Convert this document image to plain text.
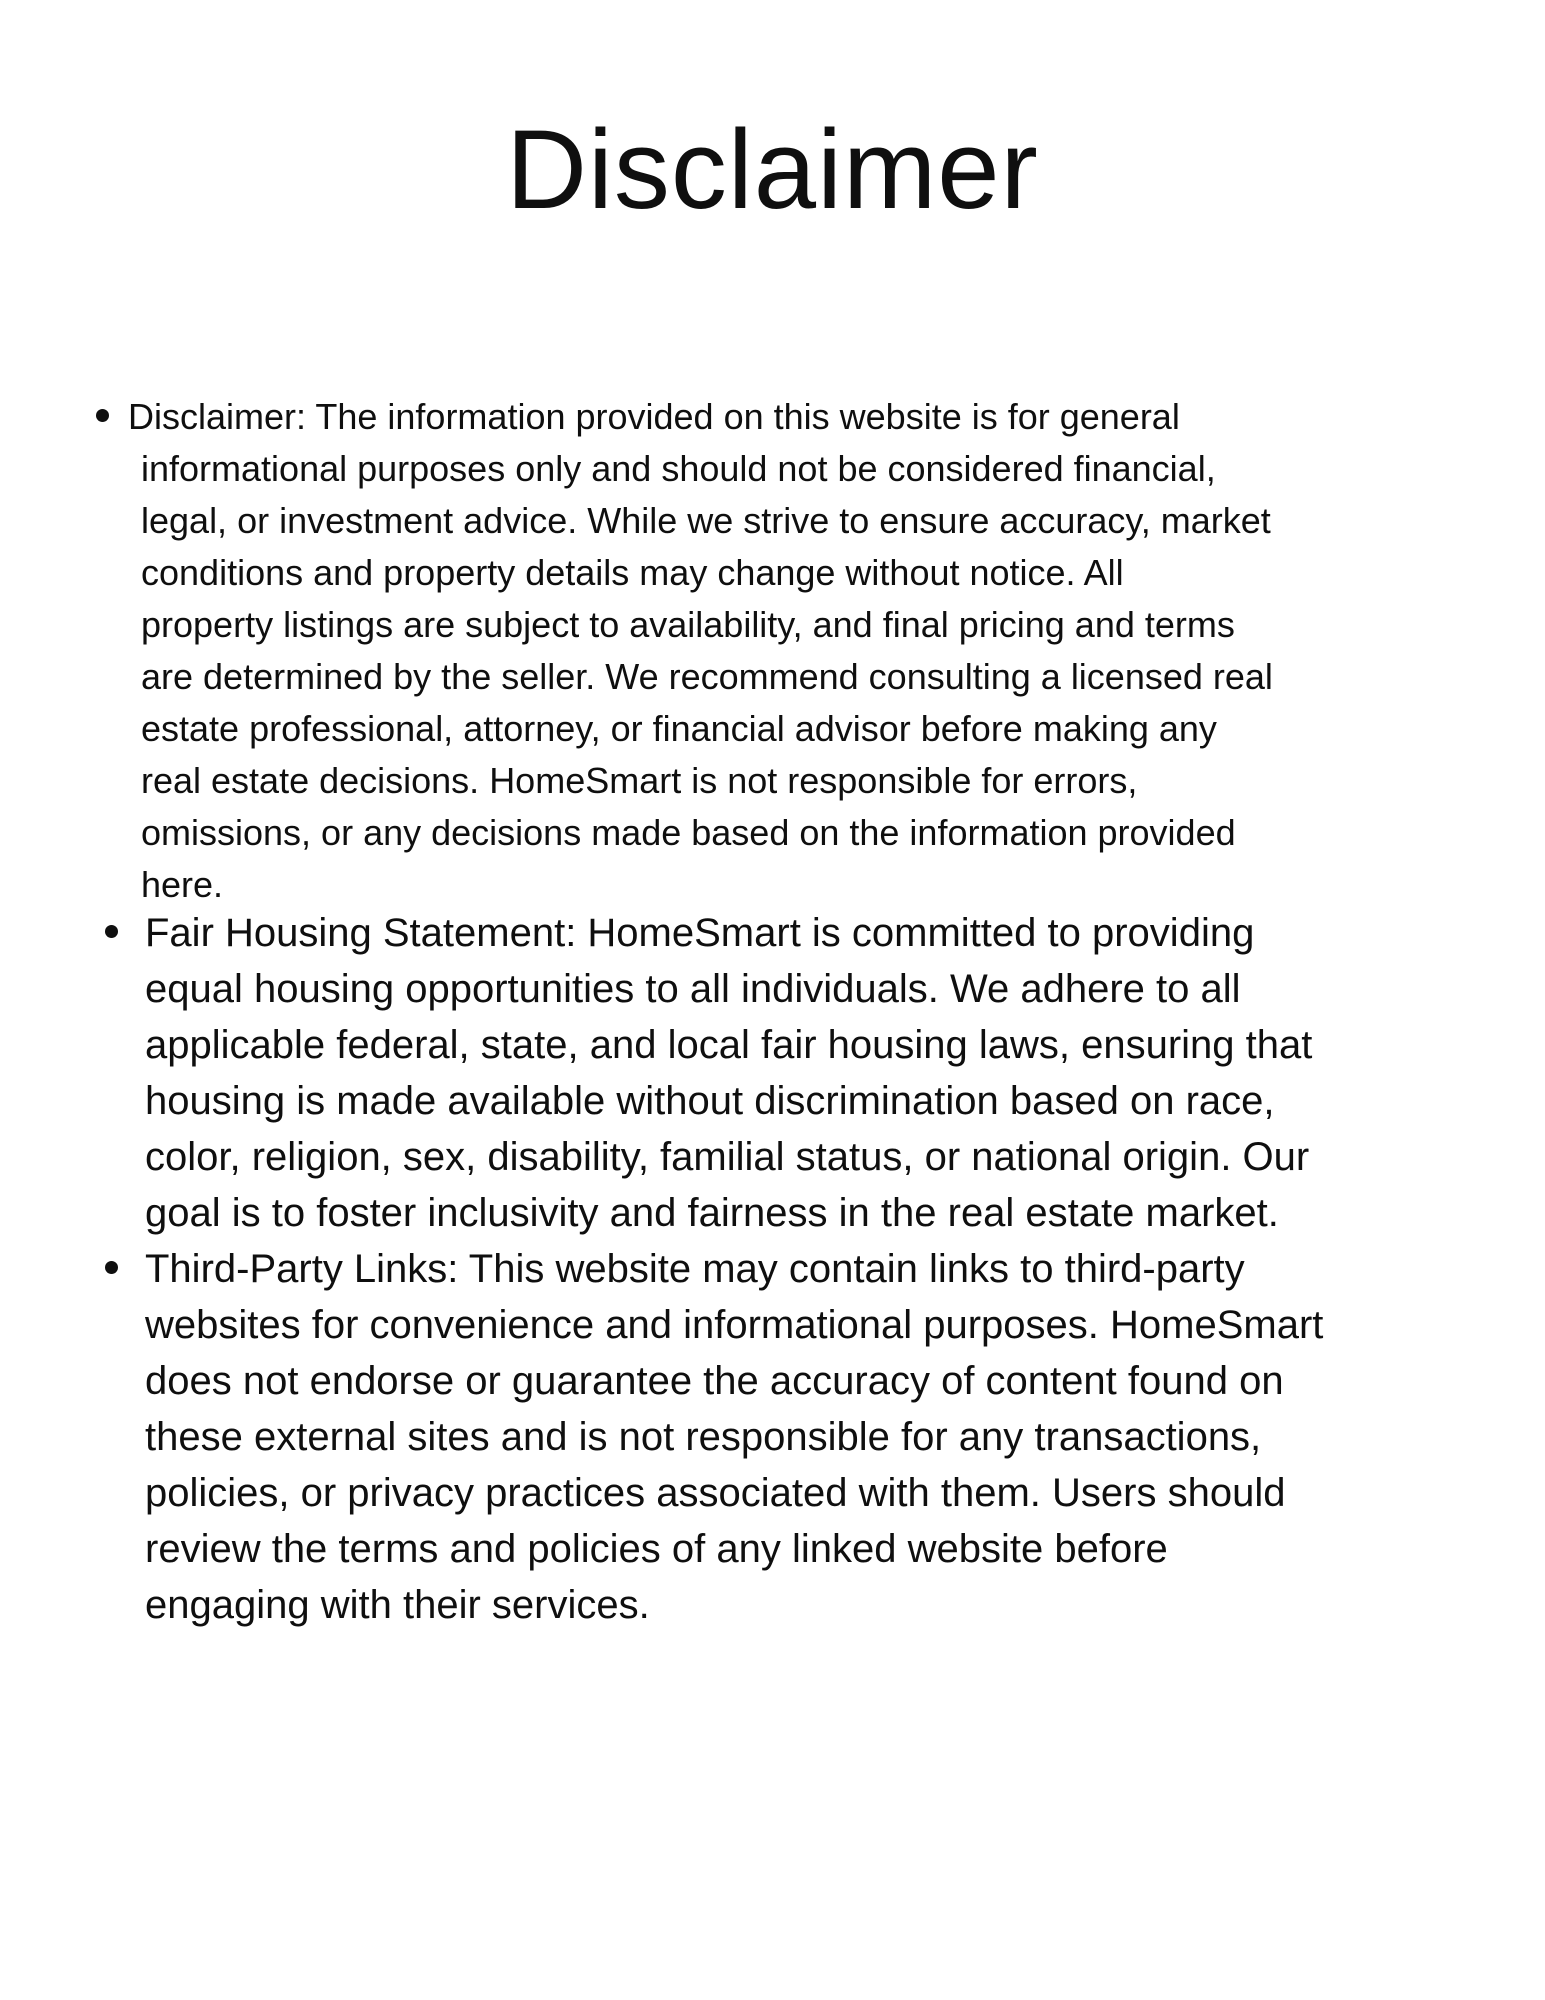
Disclaimer
Disclaimer: The information provided on this website is for general
informational purposes only and should not be considered financial,
legal, or investment advice. While we strive to ensure accuracy, market
conditions and property details may change without notice. All
property listings are subject to availability, and final pricing and terms
are determined by the seller. We recommend consulting a licensed real
estate professional, attorney, or financial advisor before making any
real estate decisions. HomeSmart is not responsible for errors,
omissions, or any decisions made based on the information provided
here.
Fair Housing Statement: HomeSmart is committed to providing
equal housing opportunities to all individuals. We adhere to all
applicable federal, state, and local fair housing laws, ensuring that
housing is made available without discrimination based on race,
color, religion, sex, disability, familial status, or national origin. Our
goal is to foster inclusivity and fairness in the real estate market.
Third-Party Links: This website may contain links to third-party
websites for convenience and informational purposes. HomeSmart
does not endorse or guarantee the accuracy of content found on
these external sites and is not responsible for any transactions,
policies, or privacy practices associated with them. Users should
review the terms and policies of any linked website before
engaging with their services.
